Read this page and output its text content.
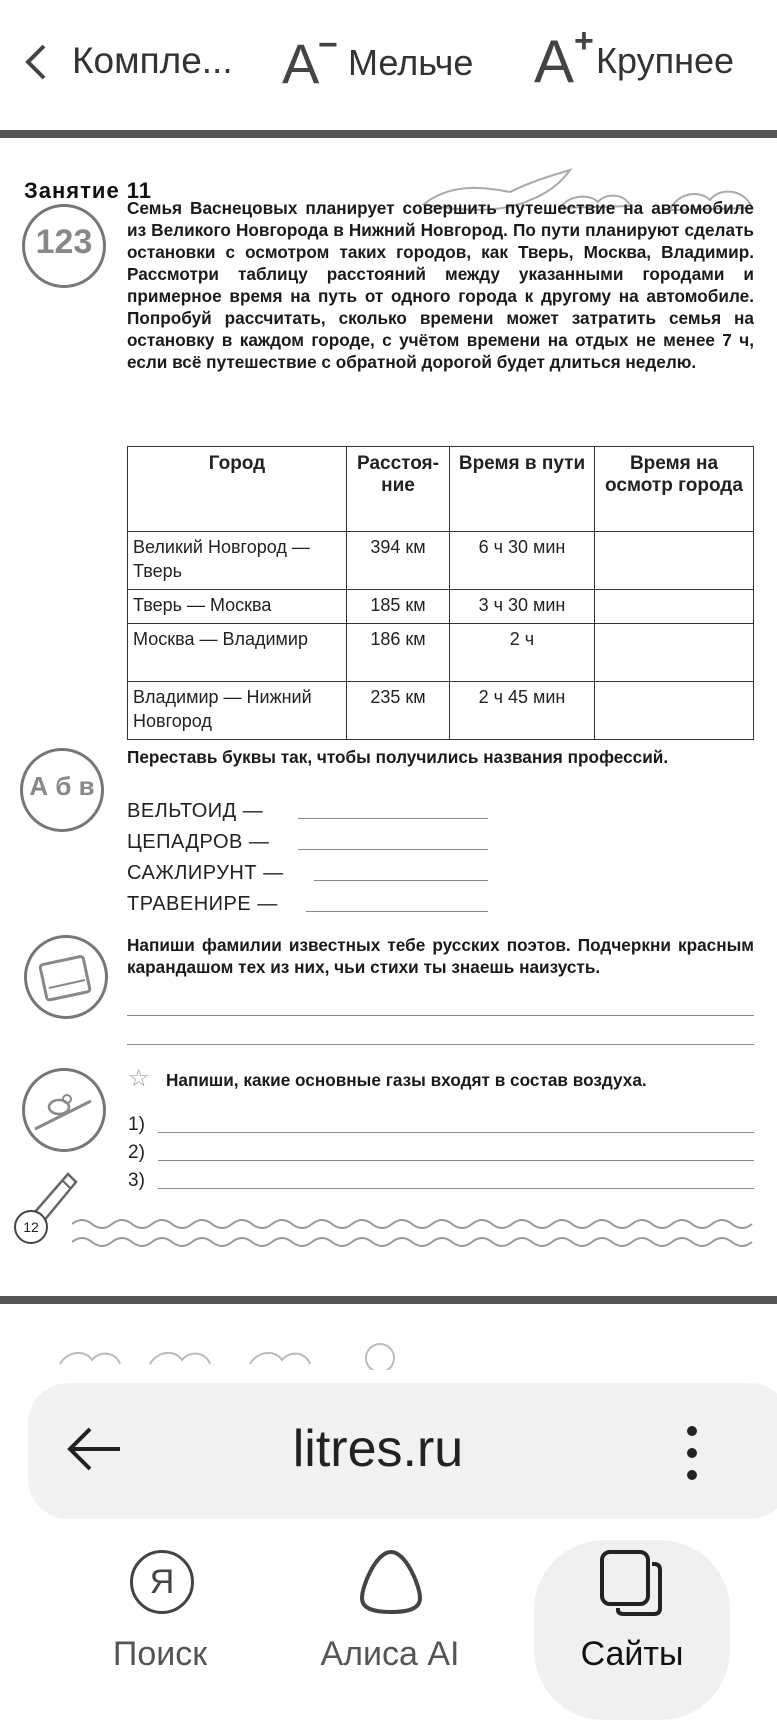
Компле... A
− Мельче A + Крупнее
Занятие 11
123
Семья Васнецовых планирует совершить путешествие на автомобиле из Великого Новгорода в Нижний Новгород. По пути планируют сделать остановки с осмотром таких городов, как Тверь, Москва, Владимир. Рассмотри таблицу расстояний между указанными городами и примерное время на путь от одного города к другому на автомобиле. Попробуй рассчитать, сколько времени может затратить семья на остановку в каждом городе, с учётом времени на отдых не менее 7 ч, если всё путешествие с обратной дорогой будет длиться неделю.
Город	Расстоя-ние	Время в пути	Время на осмотр города
Великий Новгород — Тверь	394 км	6 ч 30 мин	
Тверь — Москва	185 км	3 ч 30 мин	
Москва — Владимир	186 км	2 ч	
Владимир — Нижний Новгород	235 км	2 ч 45 мин	
А б в
Переставь буквы так, чтобы получились названия профессий.
ВЕЛЬТОИД —
ЦЕПАДРОВ —
САЖЛИРУНТ —
ТРАВЕНИРЕ —
Напиши фамилии известных тебе русских поэтов. Подчеркни красным карандашом тех из них, чьи стихи ты знаешь наизусть.
☆ Напиши, какие основные газы входят в состав воздуха.
1)
2)
3)
12
litres.ru
Я
Поиск	Алиса AI	Сайты
